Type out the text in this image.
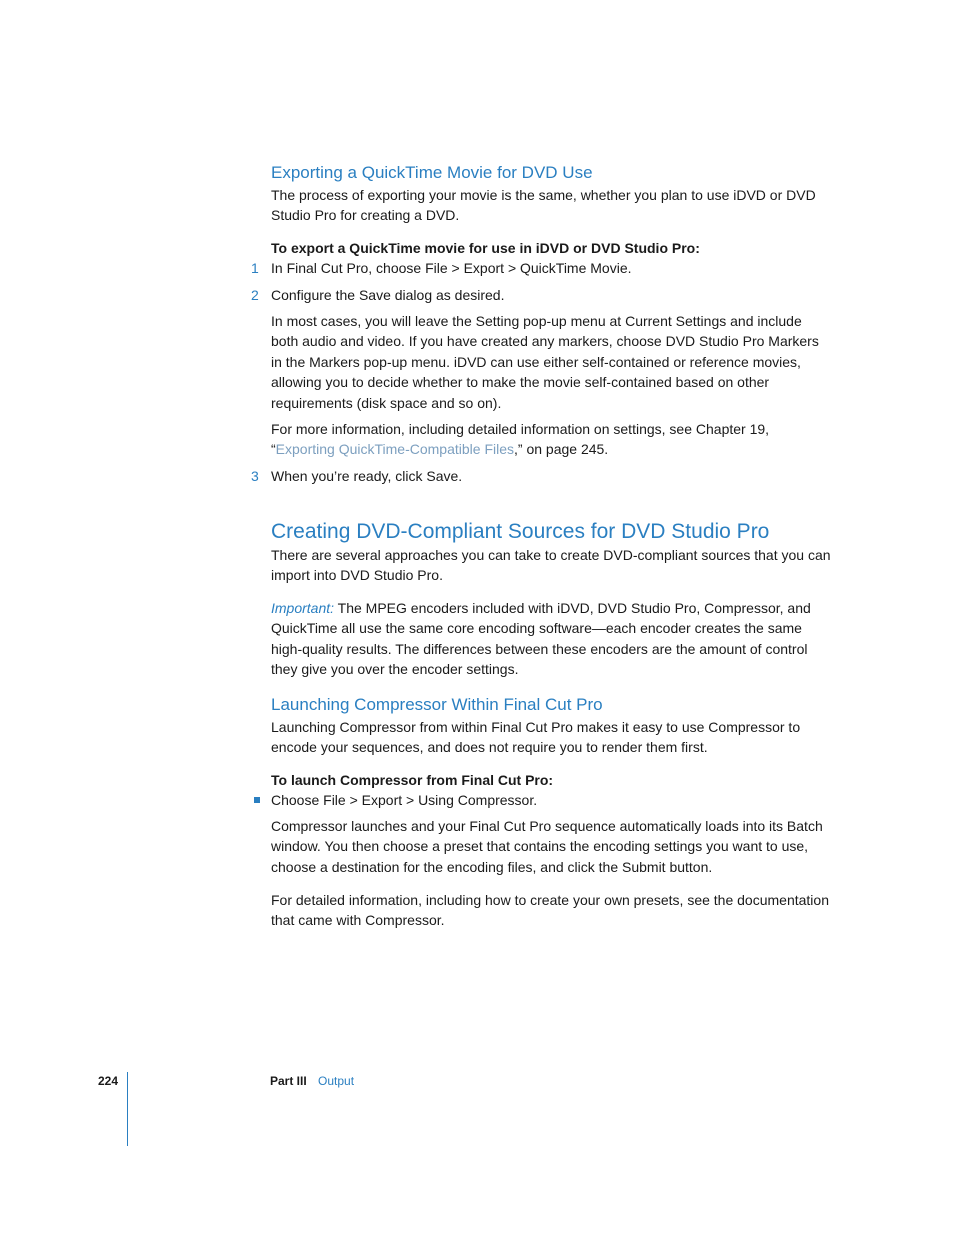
Exporting a QuickTime Movie for DVD Use
The process of exporting your movie is the same, whether you plan to use iDVD or DVD Studio Pro for creating a DVD.
To export a QuickTime movie for use in iDVD or DVD Studio Pro:
1 In Final Cut Pro, choose File > Export > QuickTime Movie.
2 Configure the Save dialog as desired.
In most cases, you will leave the Setting pop-up menu at Current Settings and include both audio and video. If you have created any markers, choose DVD Studio Pro Markers in the Markers pop-up menu. iDVD can use either self-contained or reference movies, allowing you to decide whether to make the movie self-contained based on other requirements (disk space and so on).
For more information, including detailed information on settings, see Chapter 19, “Exporting QuickTime-Compatible Files,” on page 245.
3 When you’re ready, click Save.
Creating DVD-Compliant Sources for DVD Studio Pro
There are several approaches you can take to create DVD-compliant sources that you can import into DVD Studio Pro.
Important: The MPEG encoders included with iDVD, DVD Studio Pro, Compressor, and QuickTime all use the same core encoding software—each encoder creates the same high-quality results. The differences between these encoders are the amount of control they give you over the encoder settings.
Launching Compressor Within Final Cut Pro
Launching Compressor from within Final Cut Pro makes it easy to use Compressor to encode your sequences, and does not require you to render them first.
To launch Compressor from Final Cut Pro:
Choose File > Export > Using Compressor.
Compressor launches and your Final Cut Pro sequence automatically loads into its Batch window. You then choose a preset that contains the encoding settings you want to use, choose a destination for the encoding files, and click the Submit button.
For detailed information, including how to create your own presets, see the documentation that came with Compressor.
224	Part III Output
